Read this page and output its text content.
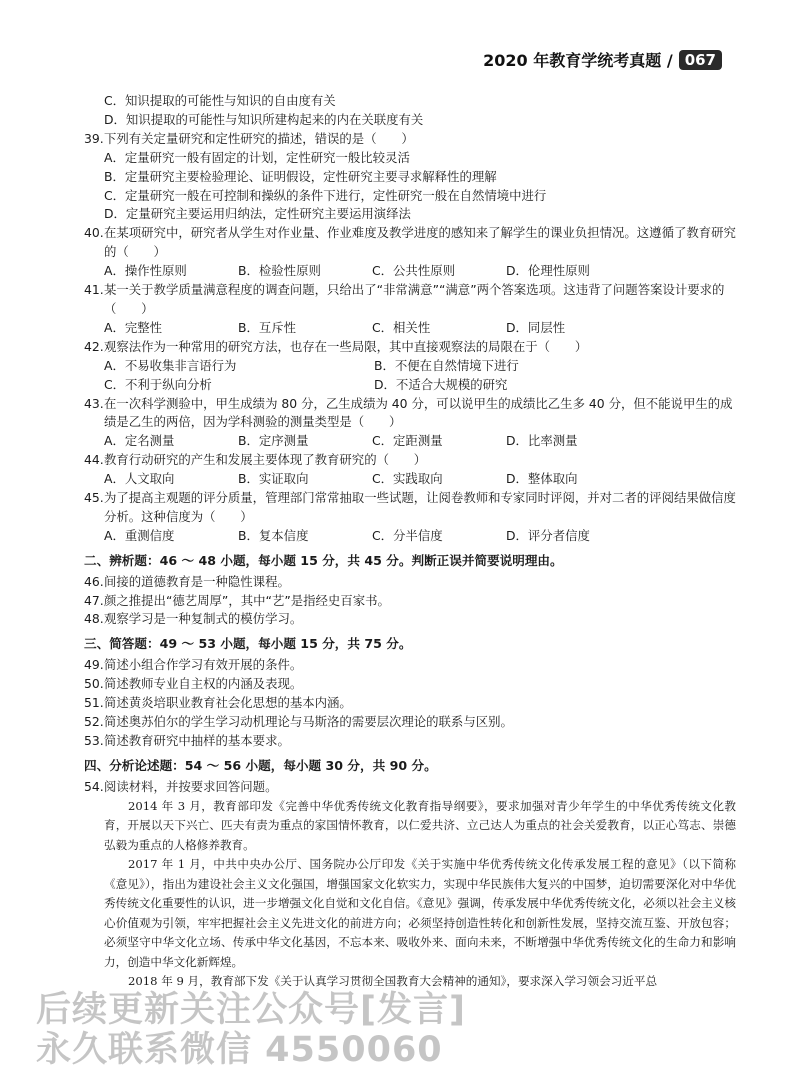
2020 年教育学统考真题 / 067
C．知识提取的可能性与知识的自由度有关
D．知识提取的可能性与知识所建构起来的内在关联度有关
39. 下列有关定量研究和定性研究的描述，错误的是（　　）
A．定量研究一般有固定的计划，定性研究一般比较灵活
B．定量研究主要检验理论、证明假设，定性研究主要寻求解释性的理解
C．定量研究一般在可控制和操纵的条件下进行，定性研究一般在自然情境中进行
D．定量研究主要运用归纳法，定性研究主要运用演绎法
40. 在某项研究中，研究者从学生对作业量、作业难度及教学进度的感知来了解学生的课业负担情况。这遵循了教育研究的（　　）
A．操作性原则	B．检验性原则	C．公共性原则	D．伦理性原则
41. 某一关于教学质量满意程度的调查问题，只给出了“非常满意”“满意”两个答案选项。这违背了问题答案设计要求的（　　）
A．完整性	B．互斥性	C．相关性	D．同层性
42. 观察法作为一种常用的研究方法，也存在一些局限，其中直接观察法的局限在于（　　）
A．不易收集非言语行为	B．不便在自然情境下进行
C．不利于纵向分析	D．不适合大规模的研究
43. 在一次科学测验中，甲生成绩为 80 分，乙生成绩为 40 分，可以说甲生的成绩比乙生多 40 分，但不能说甲生的成绩是乙生的两倍，因为学科测验的测量类型是（　　）
A．定名测量	B．定序测量	C．定距测量	D．比率测量
44. 教育行动研究的产生和发展主要体现了教育研究的（　　）
A．人文取向	B．实证取向	C．实践取向	D．整体取向
45. 为了提高主观题的评分质量，管理部门常常抽取一些试题，让阅卷教师和专家同时评阅，并对二者的评阅结果做信度分析。这种信度为（　　）
A．重测信度	B．复本信度	C．分半信度	D．评分者信度
二、辨析题：46 ～ 48 小题，每小题 15 分，共 45 分。判断正误并简要说明理由。
46. 间接的道德教育是一种隐性课程。
47. 颜之推提出“德艺周厚”，其中“艺”是指经史百家书。
48. 观察学习是一种复制式的模仿学习。
三、简答题：49 ～ 53 小题，每小题 15 分，共 75 分。
49. 简述小组合作学习有效开展的条件。
50. 简述教师专业自主权的内涵及表现。
51. 简述黄炎培职业教育社会化思想的基本内涵。
52. 简述奥苏伯尔的学生学习动机理论与马斯洛的需要层次理论的联系与区别。
53. 简述教育研究中抽样的基本要求。
四、分析论述题：54 ～ 56 小题，每小题 30 分，共 90 分。
54. 阅读材料，并按要求回答问题。

2014 年 3 月，教育部印发《完善中华优秀传统文化教育指导纲要》，要求加强对青少年学生的中华优秀传统文化教育，开展以天下兴亡、匹夫有责为重点的家国情怀教育，以仁爱共济、立己达人为重点的社会关爱教育，以正心笃志、崇德弘毅为重点的人格修养教育。

2017 年 1 月，中共中央办公厅、国务院办公厅印发《关于实施中华优秀传统文化传承发展工程的意见》（以下简称《意见》），指出为建设社会主义文化强国，增强国家文化软实力，实现中华民族伟大复兴的中国梦，迫切需要深化对中华优秀传统文化重要性的认识，进一步增强文化自觉和文化自信。《意见》强调，传承发展中华优秀传统文化，必须以社会主义核心价值观为引领，牢牢把握社会主义先进文化的前进方向；必须坚持创造性转化和创新性发展，坚持交流互鉴、开放包容；必须坚守中华文化立场、传承中华文化基因，不忘本来、吸收外来、面向未来，不断增强中华优秀传统文化的生命力和影响力，创造中华文化新辉煌。

2018 年 9 月，教育部下发《关于认真学习贯彻全国教育大会精神的通知》，要求深入学习领会习近平总

后续更新关注公众号[发言]
永久联系微信 4550060
